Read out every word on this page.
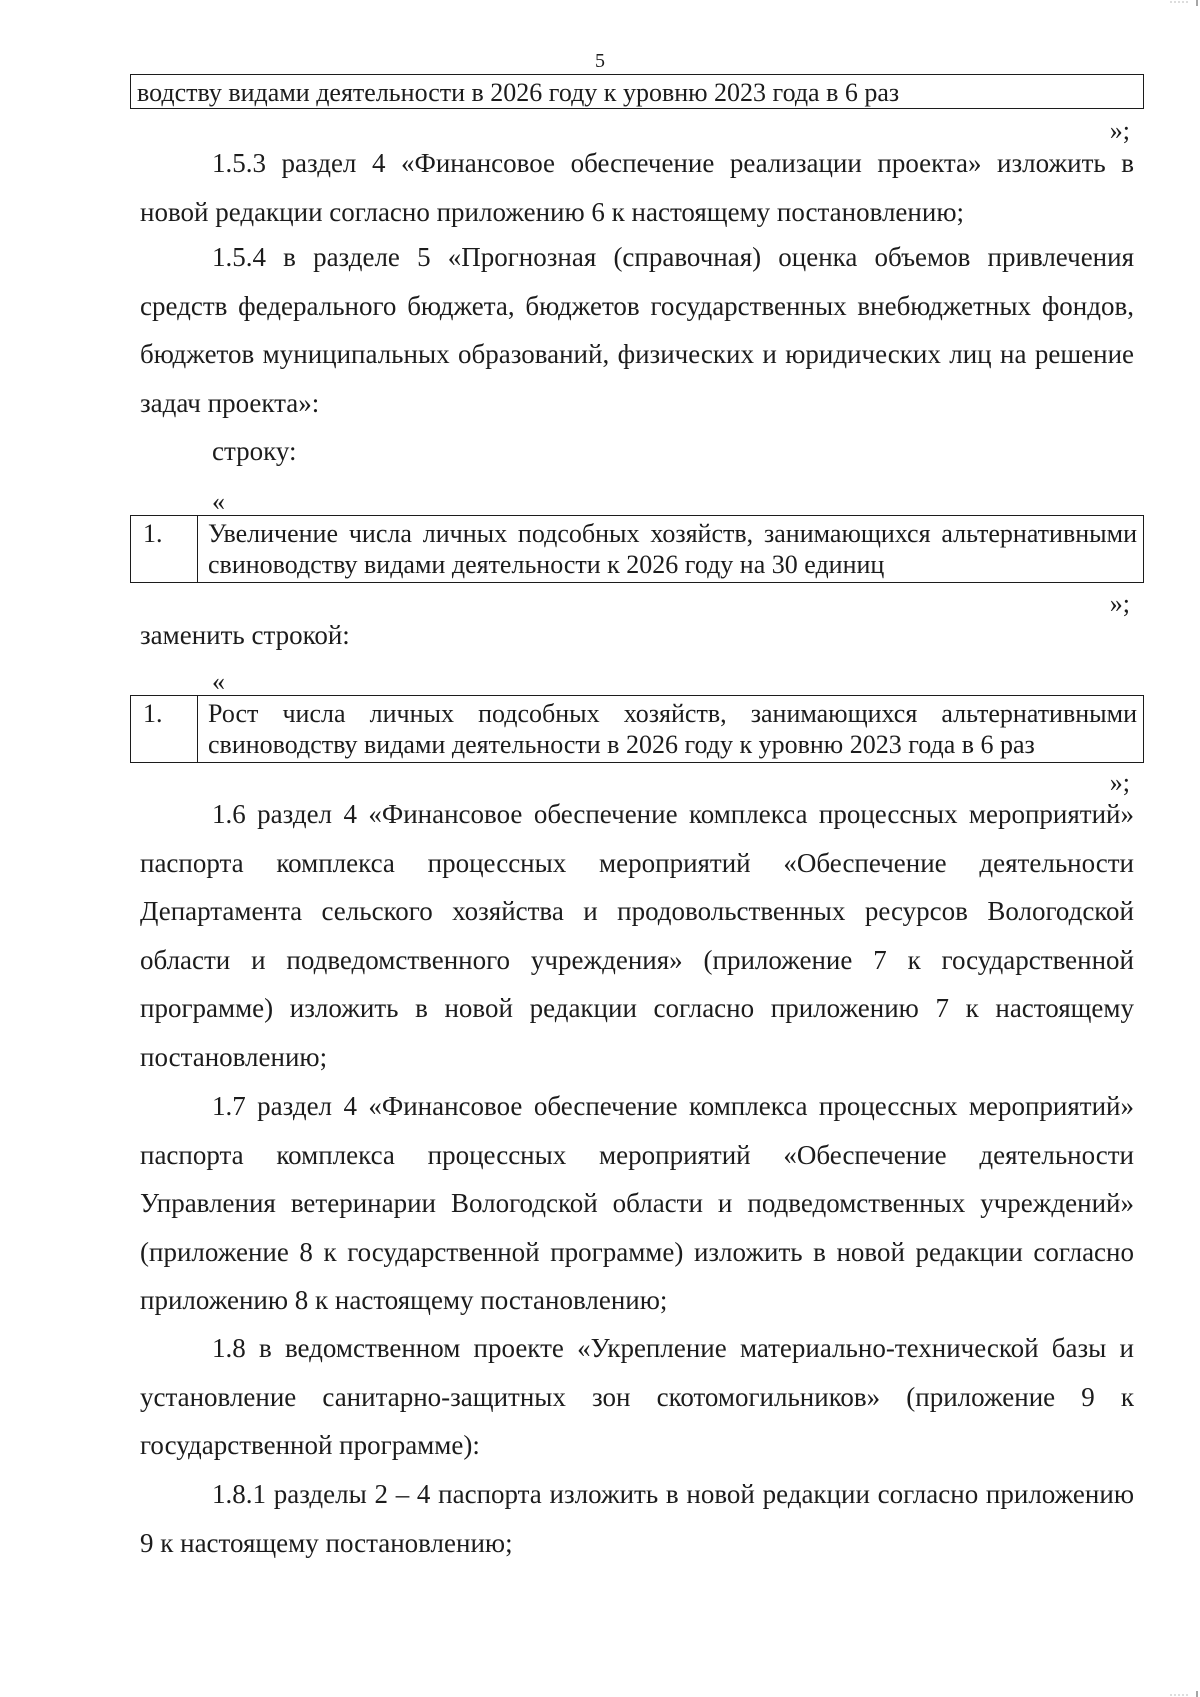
5
водству видами деятельности в 2026 году к уровню 2023 года в 6 раз
»;

1.5.3 раздел 4 «Финансовое обеспечение реализации проекта» изложить в новой редакции согласно приложению 6 к настоящему постановлению;

1.5.4 в разделе 5 «Прогнозная (справочная) оценка объемов привлечения средств федерального бюджета, бюджетов государственных внебюджетных фондов, бюджетов муниципальных образований, физических и юридических лиц на решение задач проекта»:

строку:

«
1.	Увеличение числа личных подсобных хозяйств, занимающихся альтернативными свиноводству видами деятельности к 2026 году на 30 единиц
»;

заменить строкой:

«
1.	Рост числа личных подсобных хозяйств, занимающихся альтернативными свиноводству видами деятельности в 2026 году к уровню 2023 года в 6 раз
»;

1.6 раздел 4 «Финансовое обеспечение комплекса процессных мероприятий» паспорта комплекса процессных мероприятий «Обеспечение деятельности Департамента сельского хозяйства и продовольственных ресурсов Вологодской области и подведомственного учреждения» (приложение 7 к государственной программе) изложить в новой редакции согласно приложению 7 к настоящему постановлению;

1.7 раздел 4 «Финансовое обеспечение комплекса процессных мероприятий» паспорта комплекса процессных мероприятий «Обеспечение деятельности Управления ветеринарии Вологодской области и подведомственных учреждений» (приложение 8 к государственной программе) изложить в новой редакции согласно приложению 8 к настоящему постановлению;

1.8 в ведомственном проекте «Укрепление материально-технической базы и установление санитарно-защитных зон скотомогильников» (приложение 9 к государственной программе):

1.8.1 разделы 2 – 4 паспорта изложить в новой редакции согласно приложению 9 к настоящему постановлению;
